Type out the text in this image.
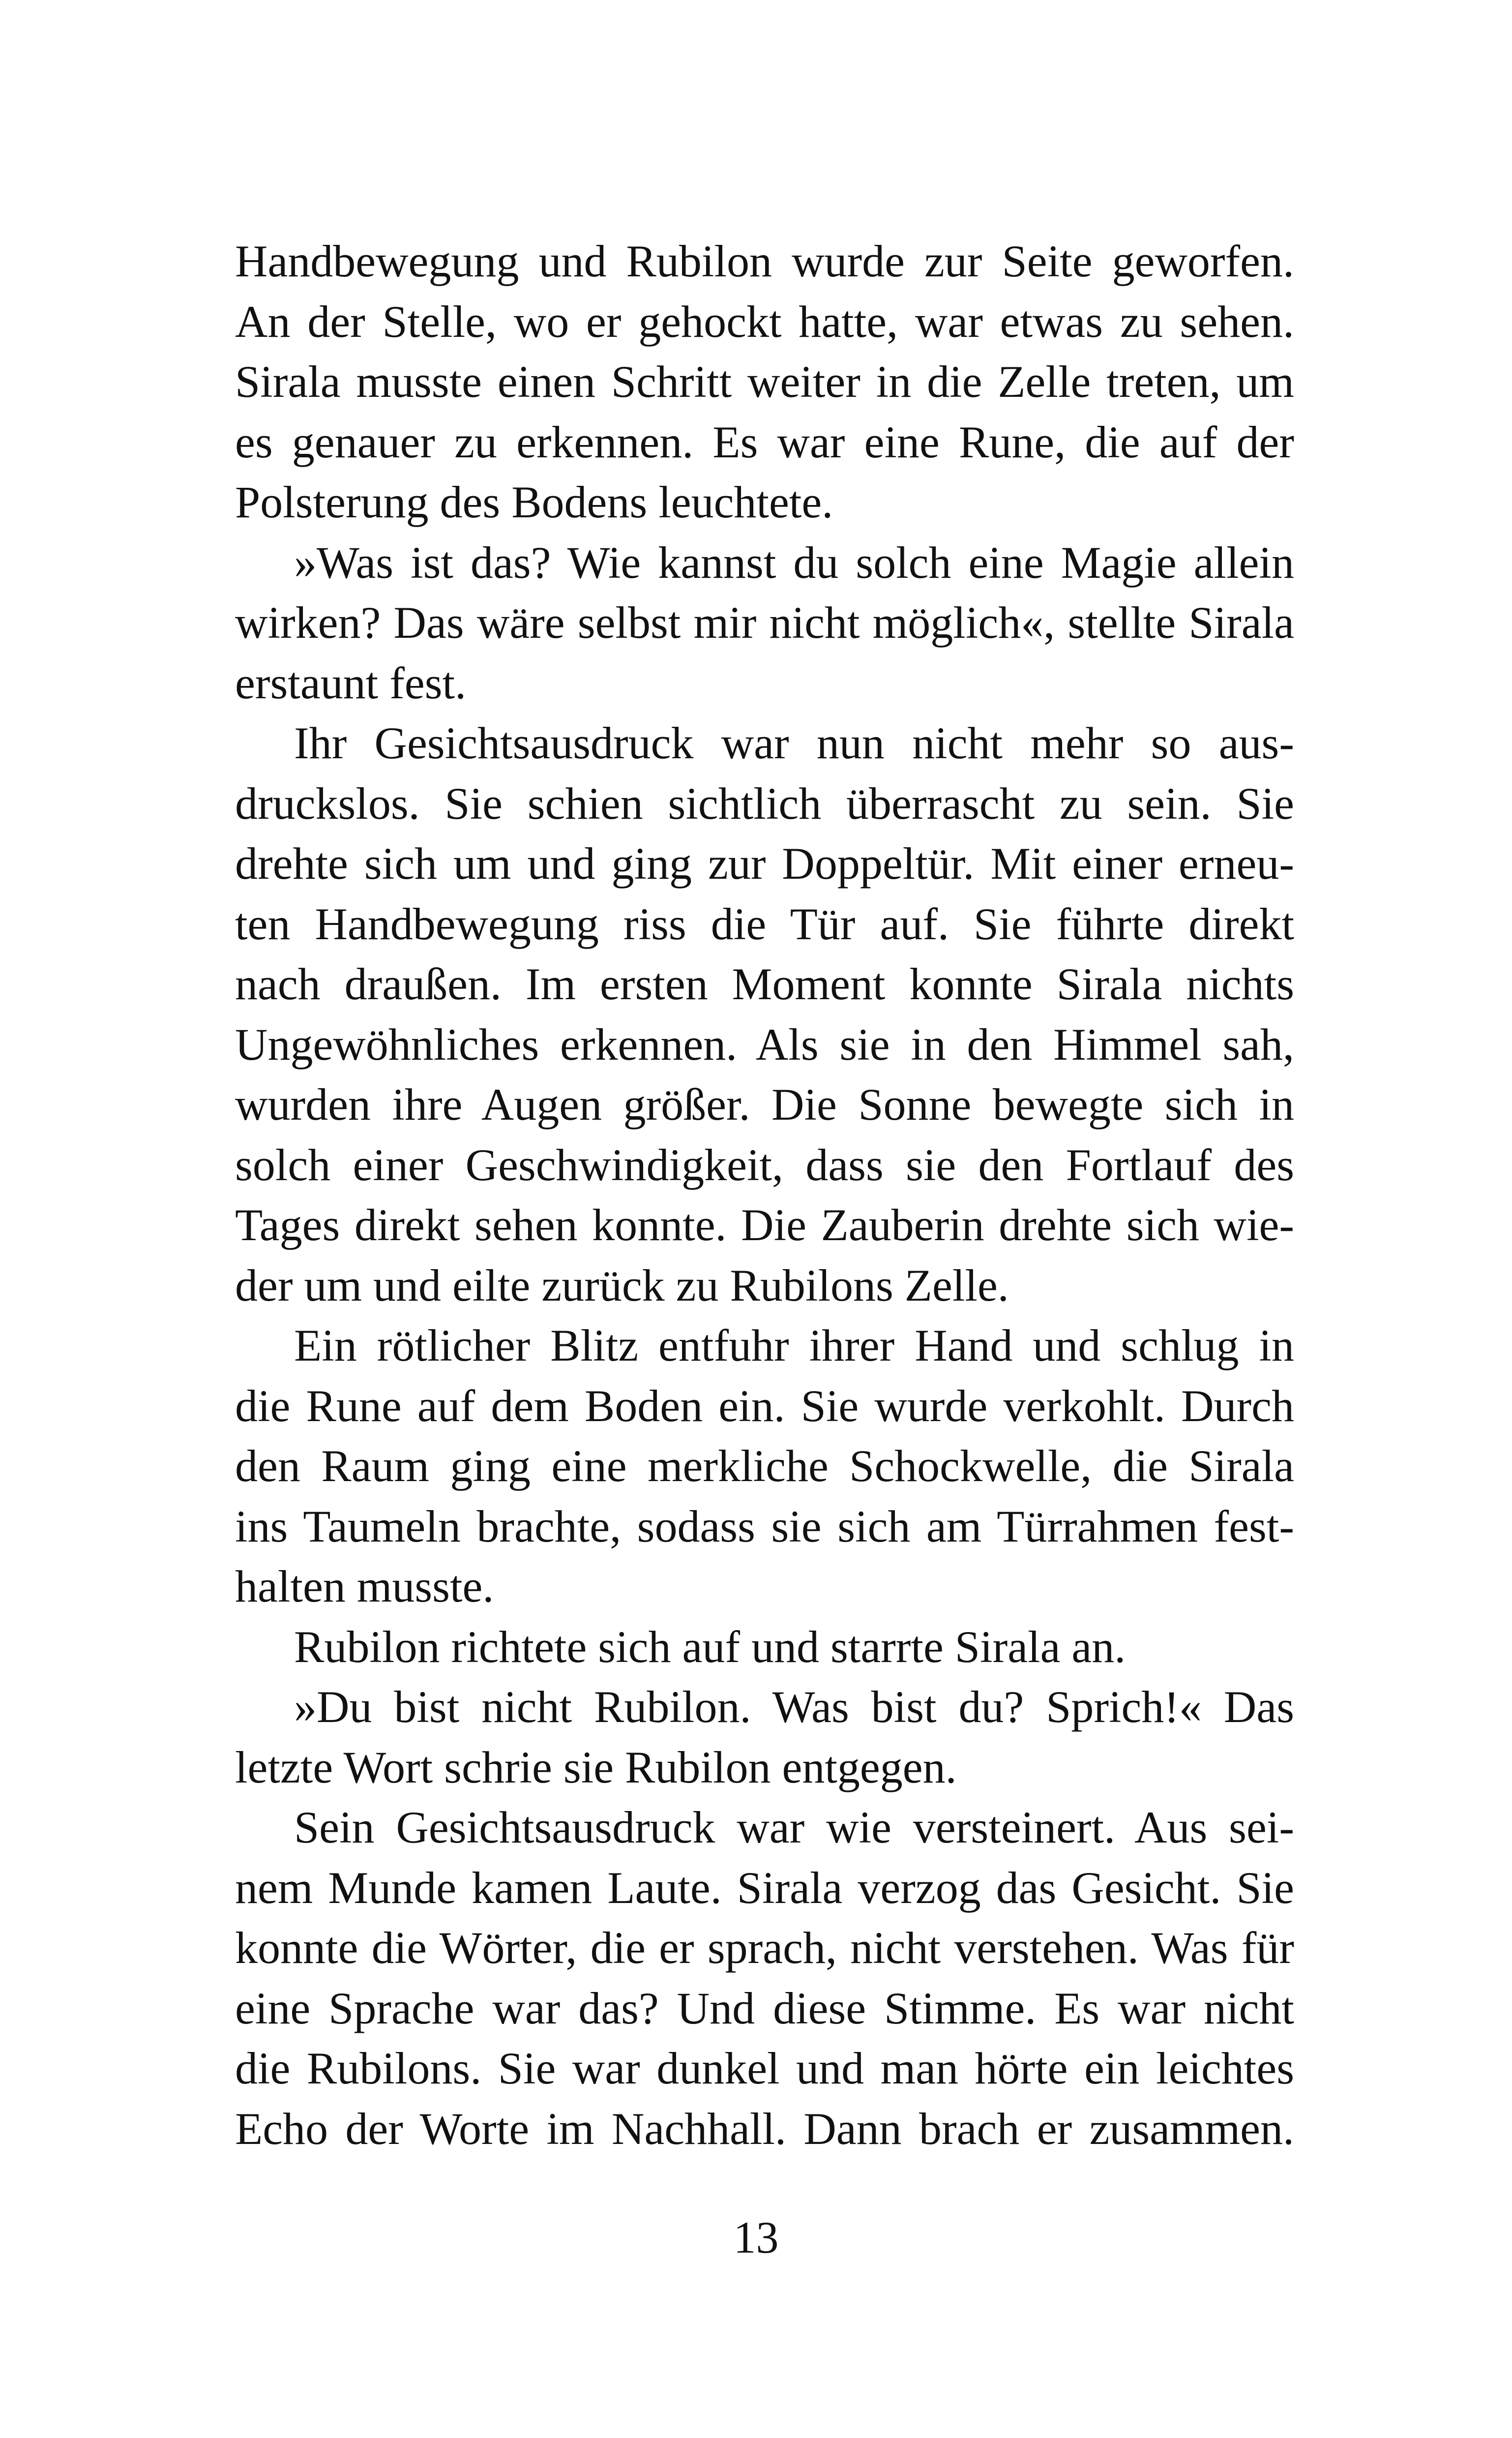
Handbewegung und Rubilon wurde zur Seite geworfen.
An der Stelle, wo er gehockt hatte, war etwas zu sehen.
Sirala musste einen Schritt weiter in die Zelle treten, um
es genauer zu erkennen. Es war eine Rune, die auf der
Polsterung des Bodens leuchtete.
»Was ist das? Wie kannst du solch eine Magie allein
wirken? Das wäre selbst mir nicht möglich«, stellte Sirala
erstaunt fest.
Ihr Gesichtsausdruck war nun nicht mehr so aus-
druckslos. Sie schien sichtlich überrascht zu sein. Sie
drehte sich um und ging zur Doppeltür. Mit einer erneu-
ten Handbewegung riss die Tür auf. Sie führte direkt
nach draußen. Im ersten Moment konnte Sirala nichts
Ungewöhnliches erkennen. Als sie in den Himmel sah,
wurden ihre Augen größer. Die Sonne bewegte sich in
solch einer Geschwindigkeit, dass sie den Fortlauf des
Tages direkt sehen konnte. Die Zauberin drehte sich wie-
der um und eilte zurück zu Rubilons Zelle.
Ein rötlicher Blitz entfuhr ihrer Hand und schlug in
die Rune auf dem Boden ein. Sie wurde verkohlt. Durch
den Raum ging eine merkliche Schockwelle, die Sirala
ins Taumeln brachte, sodass sie sich am Türrahmen fest-
halten musste.
Rubilon richtete sich auf und starrte Sirala an.
»Du bist nicht Rubilon. Was bist du? Sprich!« Das
letzte Wort schrie sie Rubilon entgegen.
Sein Gesichtsausdruck war wie versteinert. Aus sei-
nem Munde kamen Laute. Sirala verzog das Gesicht. Sie
konnte die Wörter, die er sprach, nicht verstehen. Was für
eine Sprache war das? Und diese Stimme. Es war nicht
die Rubilons. Sie war dunkel und man hörte ein leichtes
Echo der Worte im Nachhall. Dann brach er zusammen.
13
